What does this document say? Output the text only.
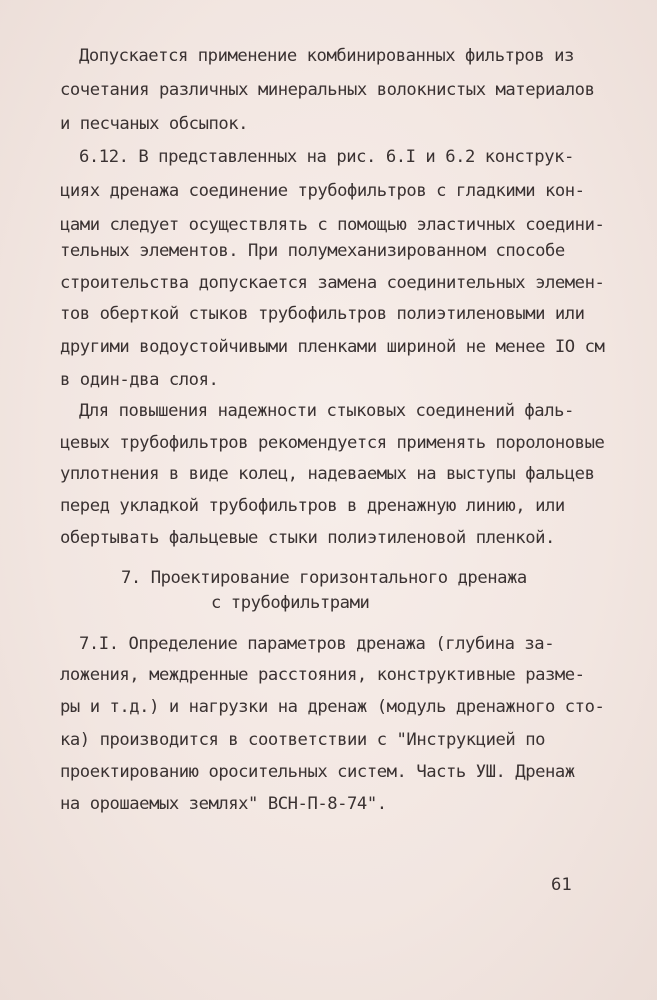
Допускается применение комбинированных фильтров из
сочетания различных минеральных волокнистых материалов
и песчаных обсыпок.
6.12. В представленных на рис. 6.I и 6.2 конструк-
циях дренажа соединение трубофильтров с гладкими кон-
цами следует осуществлять с помощью эластичных соедини-
тельных элементов. При полумеханизированном способе
строительства допускается замена соединительных элемен-
тов оберткой стыков трубофильтров полиэтиленовыми или
другими водоустойчивыми пленками шириной не менее IO см
в один-два слоя.
Для повышения надежности стыковых соединений фаль-
цевых трубофильтров рекомендуется применять поролоновые
уплотнения в виде колец, надеваемых на выступы фальцев
перед укладкой трубофильтров в дренажную линию, или
обертывать фальцевые стыки полиэтиленовой пленкой.
7. Проектирование горизонтального дренажа
с трубофильтрами
7.I. Определение параметров дренажа (глубина за-
ложения, междренные расстояния, конструктивные разме-
ры и т.д.) и нагрузки на дренаж (модуль дренажного сто-
ка) производится в соответствии с "Инструкцией по
проектированию оросительных систем. Часть УШ. Дренаж
на орошаемых землях" ВСН-П-8-74".
61
